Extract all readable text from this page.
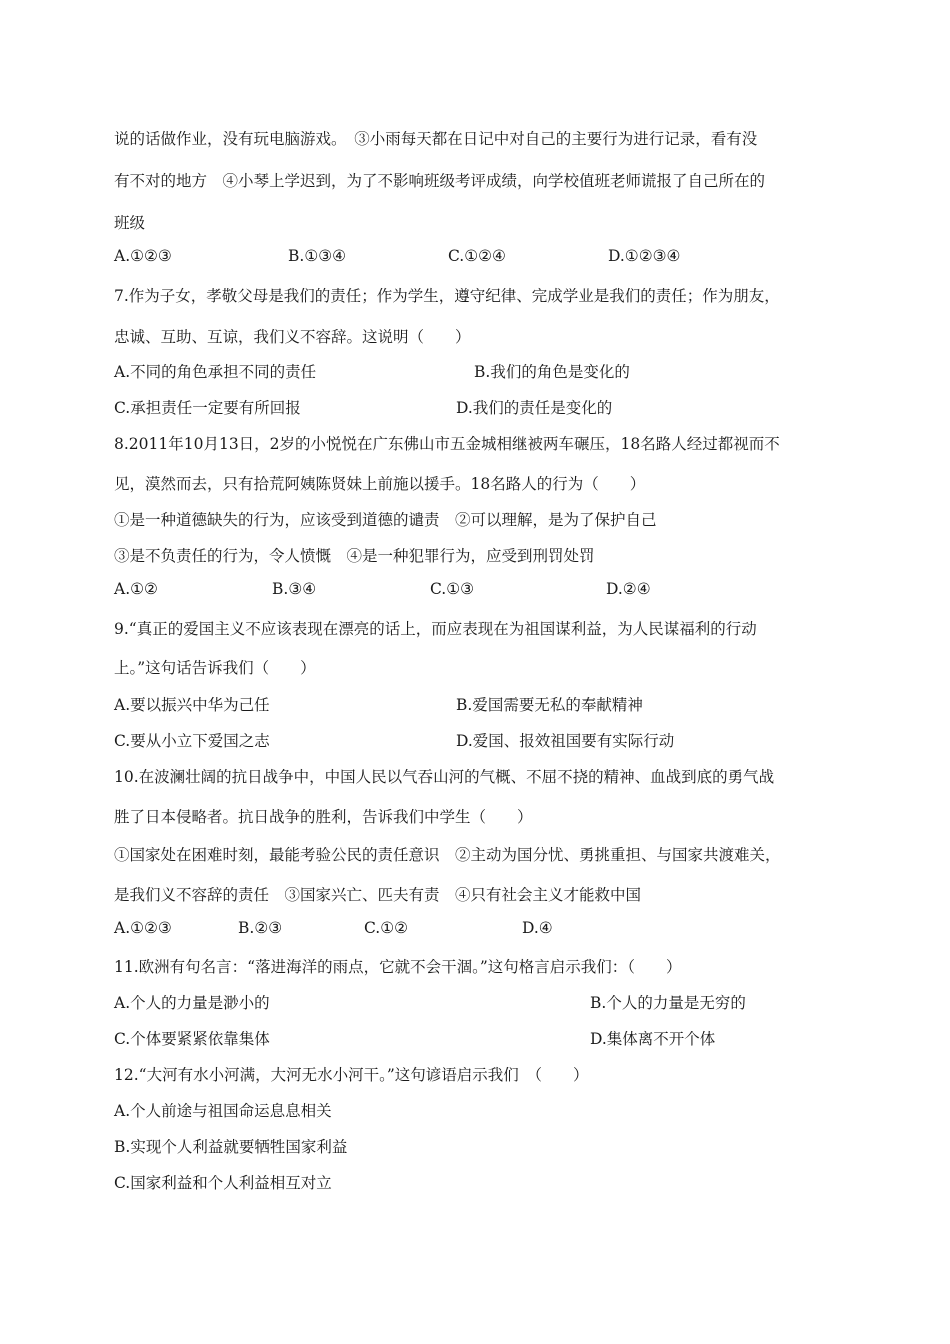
说的话做作业，没有玩电脑游戏。　③小雨每天都在日记中对自己的主要行为进行记录，看有没
有不对的地方　④小琴上学迟到，为了不影响班级考评成绩，向学校值班老师谎报了自己所在的
班级
A.①②③	B.①③④	C.①②④	D.①②③④
7.作为子女，孝敬父母是我们的责任；作为学生，遵守纪律、完成学业是我们的责任；作为朋友，
忠诚、互助、互谅，我们义不容辞。这说明（　　）
A.不同的角色承担不同的责任	B.我们的角色是变化的
C.承担责任一定要有所回报	D.我们的责任是变化的
8.2011年10月13日，2岁的小悦悦在广东佛山市五金城相继被两车碾压，18名路人经过都视而不
见，漠然而去，只有拾荒阿姨陈贤妹上前施以援手。18名路人的行为（　　）
①是一种道德缺失的行为，应该受到道德的谴责　②可以理解，是为了保护自己
③是不负责任的行为，令人愤慨　④是一种犯罪行为，应受到刑罚处罚
A.①②	B.③④	C.①③	D.②④
9.“真正的爱国主义不应该表现在漂亮的话上，而应表现在为祖国谋利益，为人民谋福利的行动
上。”这句话告诉我们（　　）
A.要以振兴中华为己任	B.爱国需要无私的奉献精神
C.要从小立下爱国之志	D.爱国、报效祖国要有实际行动
10.在波澜壮阔的抗日战争中，中国人民以气吞山河的气概、不屈不挠的精神、血战到底的勇气战
胜了日本侵略者。抗日战争的胜利，告诉我们中学生（　　）
①国家处在困难时刻，最能考验公民的责任意识　②主动为国分忧、勇挑重担、与国家共渡难关，
是我们义不容辞的责任　③国家兴亡、匹夫有责　④只有社会主义才能救中国
A.①②③	B.②③	C.①②	D.④
11.欧洲有句名言：“落进海洋的雨点，它就不会干涸。”这句格言启示我们：（　　）
A.个人的力量是渺小的	B.个人的力量是无穷的
C.个体要紧紧依靠集体	D.集体离不开个体
12.“大河有水小河满，大河无水小河干。”这句谚语启示我们　（　　）
A.个人前途与祖国命运息息相关
B.实现个人利益就要牺牲国家利益
C.国家利益和个人利益相互对立
